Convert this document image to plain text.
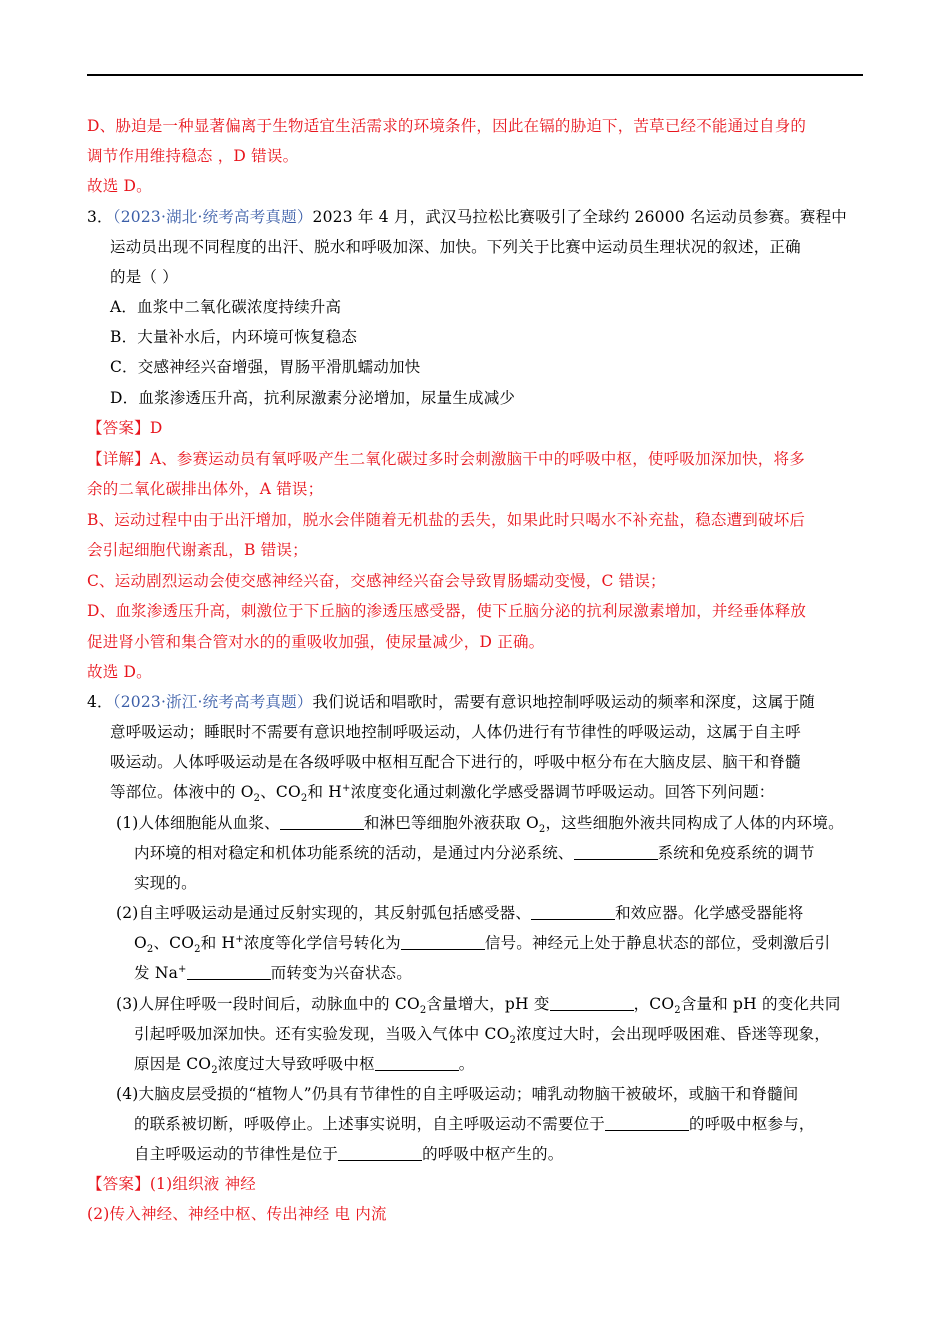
D、胁迫是一种显著偏离于生物适宜生活需求的环境条件，因此在镉的胁迫下，苦草已经不能通过自身的
调节作用维持稳态 ，D 错误。
故选 D。
3．（2023·湖北·统考高考真题）2023 年 4 月，武汉马拉松比赛吸引了全球约 26000 名运动员参赛。赛程中
运动员出现不同程度的出汗、脱水和呼吸加深、加快。下列关于比赛中运动员生理状况的叙述，正确
的是（ ）
A．血浆中二氧化碳浓度持续升高
B．大量补水后，内环境可恢复稳态
C．交感神经兴奋增强，胃肠平滑肌蠕动加快
D．血浆渗透压升高，抗利尿激素分泌增加，尿量生成减少
【答案】D
【详解】A、参赛运动员有氧呼吸产生二氧化碳过多时会刺激脑干中的呼吸中枢，使呼吸加深加快，将多
余的二氧化碳排出体外，A 错误；
B、运动过程中由于出汗增加，脱水会伴随着无机盐的丢失，如果此时只喝水不补充盐，稳态遭到破坏后
会引起细胞代谢紊乱，B 错误；
C、运动剧烈运动会使交感神经兴奋，交感神经兴奋会导致胃肠蠕动变慢，C 错误；
D、血浆渗透压升高，刺激位于下丘脑的渗透压感受器，使下丘脑分泌的抗利尿激素增加，并经垂体释放
促进肾小管和集合管对水的的重吸收加强，使尿量减少，D 正确。
故选 D。
4．（2023·浙江·统考高考真题）我们说话和唱歌时，需要有意识地控制呼吸运动的频率和深度，这属于随
意呼吸运动；睡眠时不需要有意识地控制呼吸运动，人体仍进行有节律性的呼吸运动，这属于自主呼
吸运动。人体呼吸运动是在各级呼吸中枢相互配合下进行的，呼吸中枢分布在大脑皮层、脑干和脊髓
等部位。体液中的 $O_2$、$CO_2$和 H+浓度变化通过刺激化学感受器调节呼吸运动。回答下列问题：
(1)人体细胞能从血浆、	和淋巴等细胞外液获取 $O_2$，这些细胞外液共同构成了人体的内环境。
内环境的相对稳定和机体功能系统的活动，是通过内分泌系统、	系统和免疫系统的调节
实现的。
(2)自主呼吸运动是通过反射实现的，其反射弧包括感受器、	和效应器。化学感受器能将
$O_2$、$CO_2$和 H+浓度等化学信号转化为	信号。神经元上处于静息状态的部位，受刺激后引
发 Na+	而转变为兴奋状态。
(3)人屏住呼吸一段时间后，动脉血中的 $CO_2$含量增大，pH 变	，$CO_2$含量和 pH 的变化共同
引起呼吸加深加快。还有实验发现，当吸入气体中 $CO_2$浓度过大时，会出现呼吸困难、昏迷等现象，
原因是 $CO_2$浓度过大导致呼吸中枢	。
(4)大脑皮层受损的“植物人”仍具有节律性的自主呼吸运动；哺乳动物脑干被破坏，或脑干和脊髓间
的联系被切断，呼吸停止。上述事实说明，自主呼吸运动不需要位于	的呼吸中枢参与，
自主呼吸运动的节律性是位于	的呼吸中枢产生的。
【答案】(1)组织液 神经
(2)传入神经、神经中枢、传出神经 电 内流
